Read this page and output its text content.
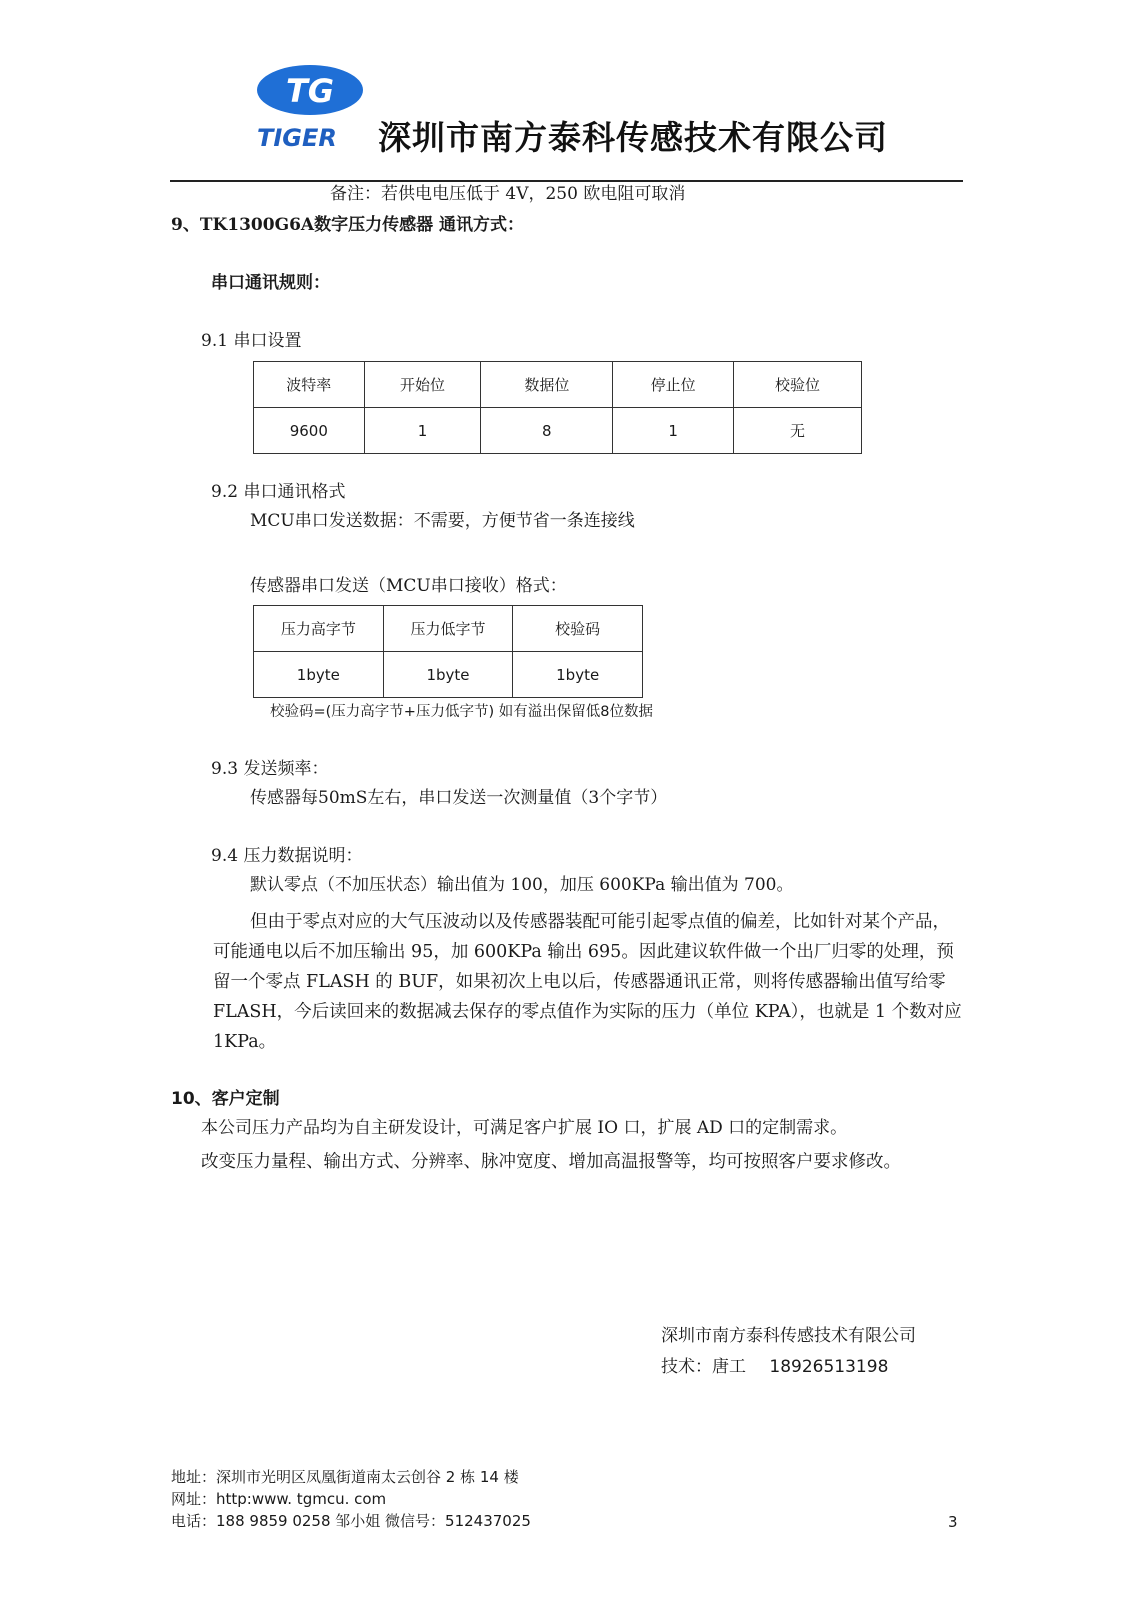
TG
TIGER 深圳市南方泰科传感技术有限公司
备注：若供电电压低于 4V，250 欧电阻可取消
9、TK1300G6A数字压力传感器 通讯方式：
串口通讯规则：
9.1 串口设置
波特率	开始位	数据位	停止位	校验位
9600	1	8	1	无
9.2 串口通讯格式
MCU串口发送数据：不需要，方便节省一条连接线
传感器串口发送（MCU串口接收）格式：
压力高字节	压力低字节	校验码
1byte	1byte	1byte
校验码=(压力高字节+压力低字节) 如有溢出保留低8位数据
9.3 发送频率：
传感器每50mS左右，串口发送一次测量值（3个字节）
9.4 压力数据说明：
默认零点（不加压状态）输出值为 100，加压 600KPa 输出值为 700。
但由于零点对应的大气压波动以及传感器装配可能引起零点值的偏差，比如针对某个产品，可能通电以后不加压输出 95，加 600KPa 输出 695。因此建议软件做一个出厂归零的处理，预留一个零点 FLASH 的 BUF，如果初次上电以后，传感器通讯正常，则将传感器输出值写给零 FLASH，今后读回来的数据减去保存的零点值作为实际的压力（单位 KPA），也就是 1 个数对应 1KPa。
10、客户定制
本公司压力产品均为自主研发设计，可满足客户扩展 IO 口，扩展 AD 口的定制需求。
改变压力量程、输出方式、分辨率、脉冲宽度、增加高温报警等，均可按照客户要求修改。
深圳市南方泰科传感技术有限公司
技术：唐工 18926513198
地址：深圳市光明区凤凰街道南太云创谷 2 栋 14 楼
网址：http:www. tgmcu. com
电话：188 9859 0258 邹小姐 微信号：512437025	3
